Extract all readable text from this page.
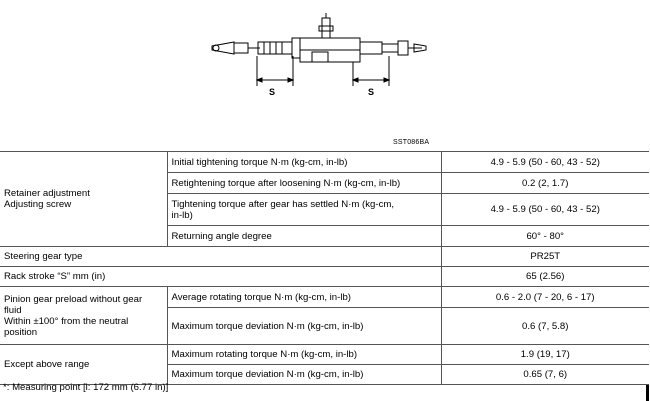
S	S
SST086BA
Retainer adjustment
Adjusting screw	Initial tightening torque N·m (kg-cm, in-lb)	4.9 - 5.9 (50 - 60, 43 - 52)
	Retightening torque after loosening N·m (kg-cm, in-lb)	0.2 (2, 1.7)

	Tightening torque after gear has settled N·m (kg-cm,
in-lb)	4.9 - 5.9 (50 - 60, 43 - 52)
	Returning angle degree	60° - 80°
Steering gear type		PR25T
Rack stroke “S” mm (in)		65 (2.56)

Pinion gear preload without gear
fluid
Within ±100° from the neutral
position	Average rotating torque N·m (kg-cm, in-lb)	0.6 - 2.0 (7 - 20, 6 - 17)
	Maximum torque deviation N·m (kg-cm, in-lb)	0.6 (7, 5.8)
Except above range	Maximum rotating torque N·m (kg-cm, in-lb)	1.9 (19, 17)
	Maximum torque deviation N·m (kg-cm, in-lb)	0.65 (7, 6)
*: Measuring point [l: 172 mm (6.77 in)]
